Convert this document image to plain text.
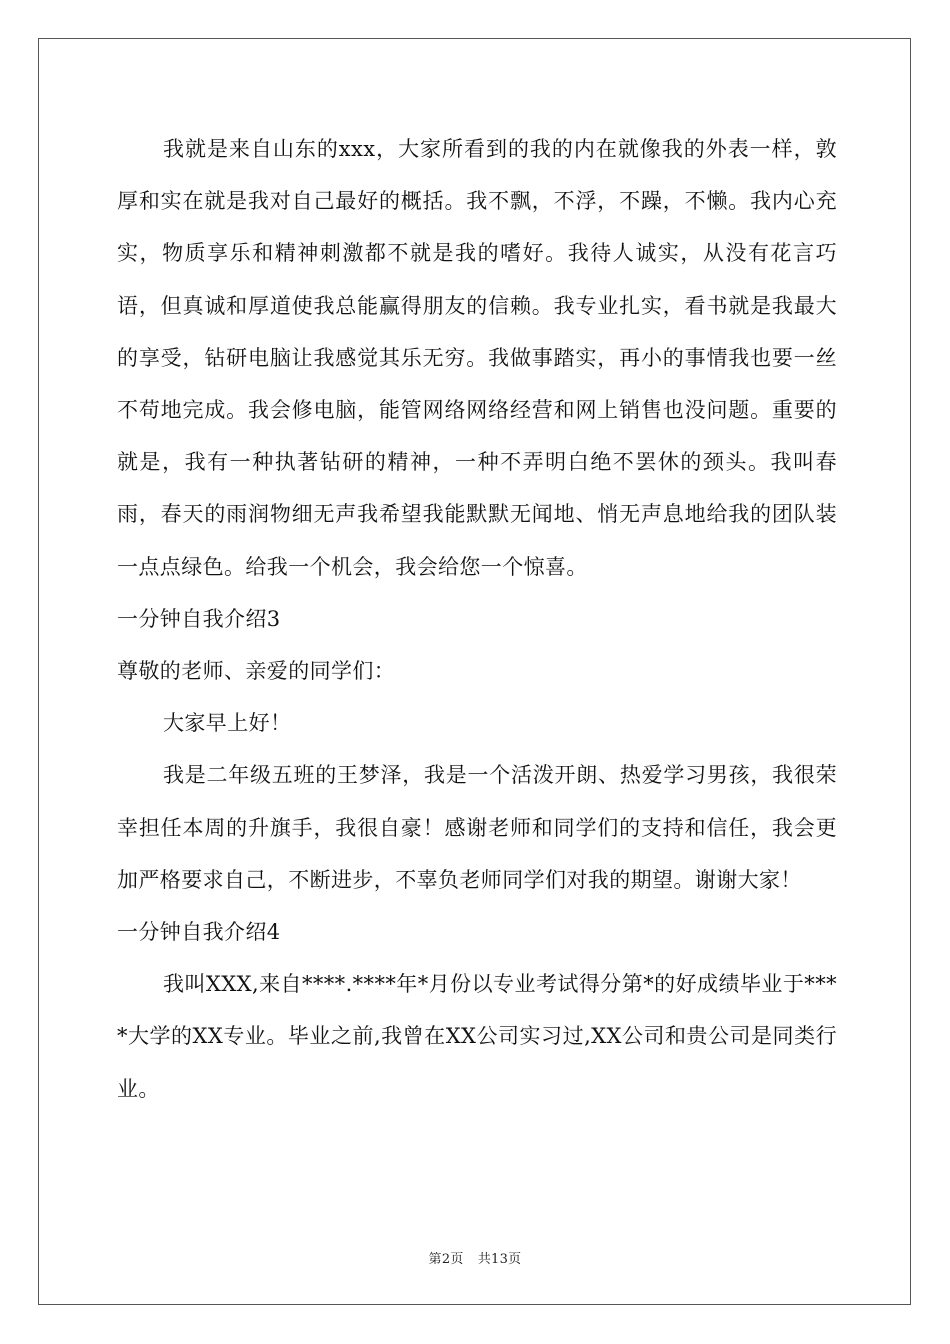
我就是来自山东的xxx，大家所看到的我的内在就像我的外表一样，敦厚和实在就是我对自己最好的概括。我不飘，不浮，不躁，不懒。我内心充实，物质享乐和精神刺激都不就是我的嗜好。我待人诚实，从没有花言巧语，但真诚和厚道使我总能赢得朋友的信赖。我专业扎实，看书就是我最大的享受，钻研电脑让我感觉其乐无穷。我做事踏实，再小的事情我也要一丝不苟地完成。我会修电脑，能管网络网络经营和网上销售也没问题。重要的就是，我有一种执著钻研的精神，一种不弄明白绝不罢休的颈头。我叫春雨，春天的雨润物细无声我希望我能默默无闻地、悄无声息地给我的团队装一点点绿色。给我一个机会，我会给您一个惊喜。

一分钟自我介绍3

尊敬的老师、亲爱的同学们：

大家早上好！

我是二年级五班的王梦泽，我是一个活泼开朗、热爱学习男孩，我很荣幸担任本周的升旗手，我很自豪！感谢老师和同学们的支持和信任，我会更加严格要求自己，不断进步，不辜负老师同学们对我的期望。谢谢大家！

一分钟自我介绍4

我叫XXX,来自****.****年*月份以专业考试得分第*的好成绩毕业于****大学的XX专业。毕业之前,我曾在XX公司实习过,XX公司和贵公司是同类行业。

第2页 共13页
